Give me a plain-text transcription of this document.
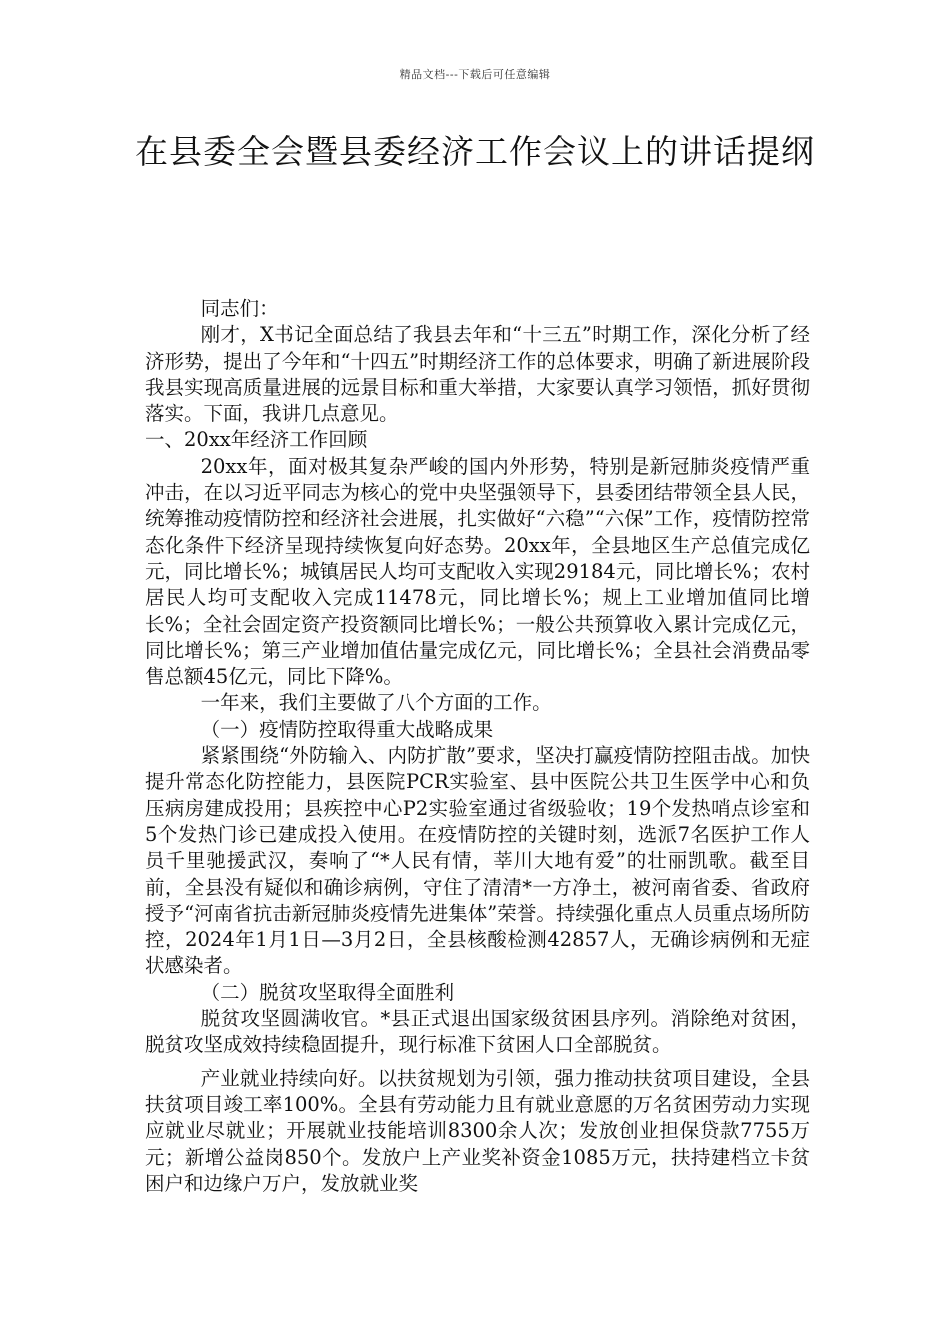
精品文档---下载后可任意编辑
在县委全会暨县委经济工作会议上的讲话提纲

同志们：

刚才，X书记全面总结了我县去年和“十三五”时期工作，深化分析了经济形势，提出了今年和“十四五”时期经济工作的总体要求，明确了新进展阶段我县实现高质量进展的远景目标和重大举措，大家要认真学习领悟，抓好贯彻落实。下面，我讲几点意见。

一、20xx年经济工作回顾

20xx年，面对极其复杂严峻的国内外形势，特别是新冠肺炎疫情严重冲击，在以习近平同志为核心的党中央坚强领导下，县委团结带领全县人民，统筹推动疫情防控和经济社会进展，扎实做好“六稳”“六保”工作，疫情防控常态化条件下经济呈现持续恢复向好态势。20xx年，全县地区生产总值完成亿元，同比增长%；城镇居民人均可支配收入实现29184元，同比增长%；农村居民人均可支配收入完成11478元，同比增长%；规上工业增加值同比增长%；全社会固定资产投资额同比增长%；一般公共预算收入累计完成亿元，同比增长%；第三产业增加值估量完成亿元，同比增长%；全县社会消费品零售总额45亿元，同比下降%。

一年来，我们主要做了八个方面的工作。

（一）疫情防控取得重大战略成果

紧紧围绕“外防输入、内防扩散”要求，坚决打赢疫情防控阻击战。加快提升常态化防控能力，县医院PCR实验室、县中医院公共卫生医学中心和负压病房建成投用；县疾控中心P2实验室通过省级验收；19个发热哨点诊室和5个发热门诊已建成投入使用。在疫情防控的关键时刻，选派7名医护工作人员千里驰援武汉，奏响了“*人民有情，莘川大地有爱”的壮丽凯歌。截至目前，全县没有疑似和确诊病例，守住了清清*一方净土，被河南省委、省政府授予“河南省抗击新冠肺炎疫情先进集体”荣誉。持续强化重点人员重点场所防控，2024年1月1日—3月2日，全县核酸检测42857人，无确诊病例和无症状感染者。

（二）脱贫攻坚取得全面胜利

脱贫攻坚圆满收官。*县正式退出国家级贫困县序列。消除绝对贫困，脱贫攻坚成效持续稳固提升，现行标准下贫困人口全部脱贫。

产业就业持续向好。以扶贫规划为引领，强力推动扶贫项目建设，全县扶贫项目竣工率100%。全县有劳动能力且有就业意愿的万名贫困劳动力实现应就业尽就业；开展就业技能培训8300余人次；发放创业担保贷款7755万元；新增公益岗850个。发放户上产业奖补资金1085万元，扶持建档立卡贫困户和边缘户万户，发放就业奖
